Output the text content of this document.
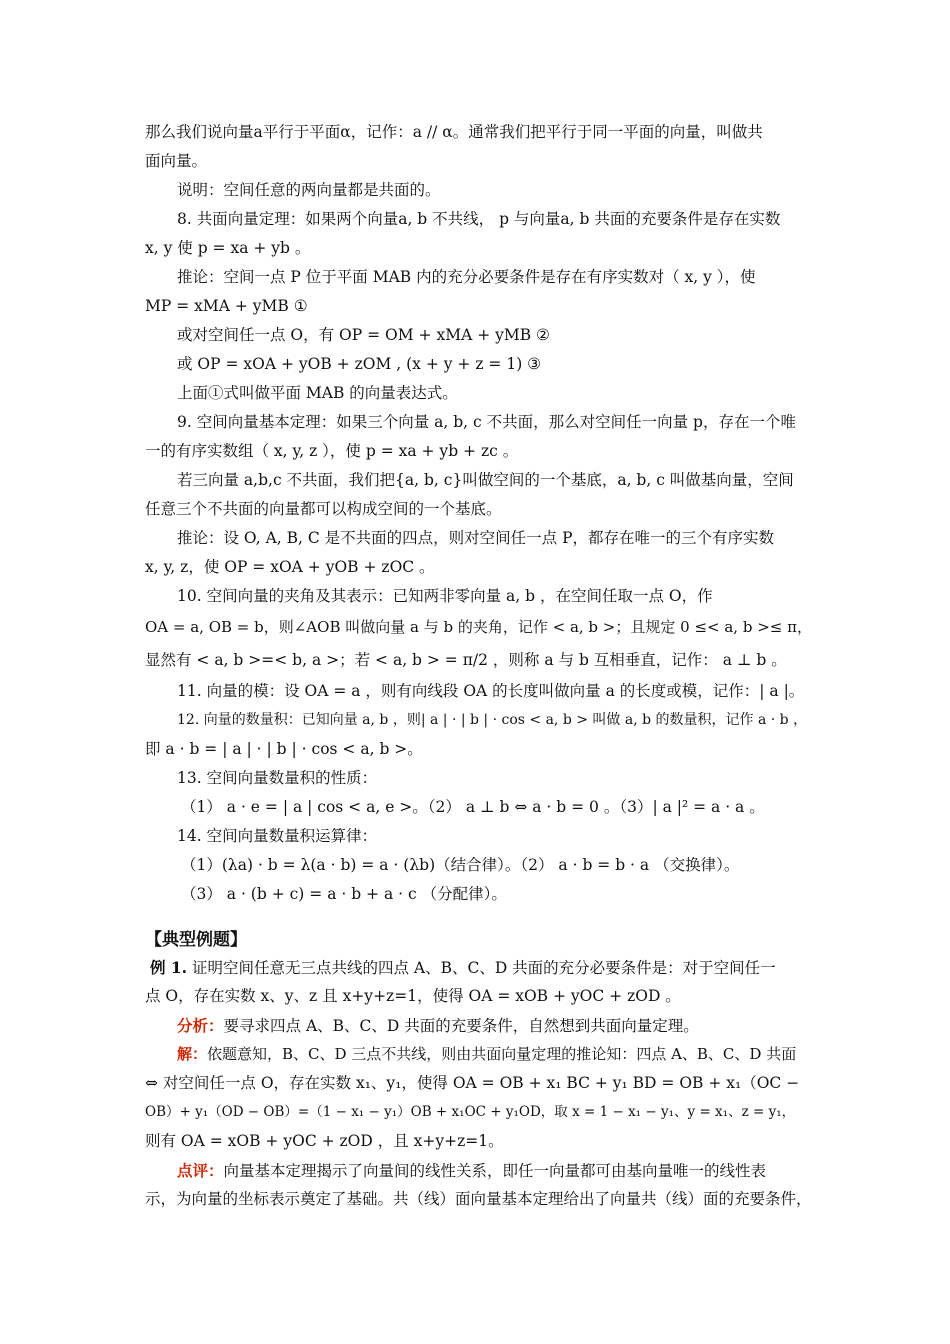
那么我们说向量a平行于平面α，记作：a // α。通常我们把平行于同一平面的向量，叫做共
面向量。
说明：空间任意的两向量都是共面的。
8. 共面向量定理：如果两个向量a, b 不共线， p 与向量a, b 共面的充要条件是存在实数
x, y 使 p = xa + yb 。
推论：空间一点 P 位于平面 MAB 内的充分必要条件是存在有序实数对（ x, y ），使
MP = xMA + yMB ①
或对空间任一点 O，有 OP = OM + xMA + yMB ②
或 OP = xOA + yOB + zOM , (x + y + z = 1) ③
上面①式叫做平面 MAB 的向量表达式。
9. 空间向量基本定理：如果三个向量 a, b, c 不共面，那么对空间任一向量 p，存在一个唯
一的有序实数组（ x, y, z ），使 p = xa + yb + zc 。
若三向量 a,b,c 不共面，我们把{a, b, c}叫做空间的一个基底，a, b, c 叫做基向量，空间
任意三个不共面的向量都可以构成空间的一个基底。
推论：设 O, A, B, C 是不共面的四点，则对空间任一点 P，都存在唯一的三个有序实数
x, y, z，使 OP = xOA + yOB + zOC 。
10. 空间向量的夹角及其表示：已知两非零向量 a, b ，在空间任取一点 O，作
OA = a, OB = b，则∠AOB 叫做向量 a 与 b 的夹角，记作 < a, b >；且规定 0 ≤< a, b >≤ π，
显然有 < a, b >=< b, a >；若 < a, b > = π/2 ，则称 a 与 b 互相垂直，记作： a ⊥ b 。
11. 向量的模：设 OA = a ，则有向线段 OA 的长度叫做向量 a 的长度或模，记作：| a |。
12. 向量的数量积：已知向量 a, b ，则| a | · | b | · cos < a, b > 叫做 a, b 的数量积，记作 a · b ，
即 a · b = | a | · | b | · cos < a, b >。
13. 空间向量数量积的性质：
（1） a · e = | a | cos < a, e >。（2） a ⊥ b ⇔ a · b = 0 。（3）| a |² = a · a 。
14. 空间向量数量积运算律：
（1）(λa) · b = λ(a · b) = a · (λb)（结合律）。（2） a · b = b · a （交换律）。
（3） a · (b + c) = a · b + a · c （分配律）。
【典型例题】
例 1. 证明空间任意无三点共线的四点 A、B、C、D 共面的充分必要条件是：对于空间任一
点 O，存在实数 x、y、z 且 x+y+z=1，使得 OA = xOB + yOC + zOD 。
分析：要寻求四点 A、B、C、D 共面的充要条件，自然想到共面向量定理。
解：依题意知，B、C、D 三点不共线，则由共面向量定理的推论知：四点 A、B、C、D 共面
⇔ 对空间任一点 O，存在实数 x₁、y₁，使得 OA = OB + x₁ BC + y₁ BD = OB + x₁（OC −
OB）+ y₁（OD − OB）=（1 − x₁ − y₁）OB + x₁OC + y₁OD，取 x = 1 − x₁ − y₁、y = x₁、z = y₁，
则有 OA = xOB + yOC + zOD ，且 x+y+z=1。
点评：向量基本定理揭示了向量间的线性关系，即任一向量都可由基向量唯一的线性表
示，为向量的坐标表示奠定了基础。共（线）面向量基本定理给出了向量共（线）面的充要条件，
